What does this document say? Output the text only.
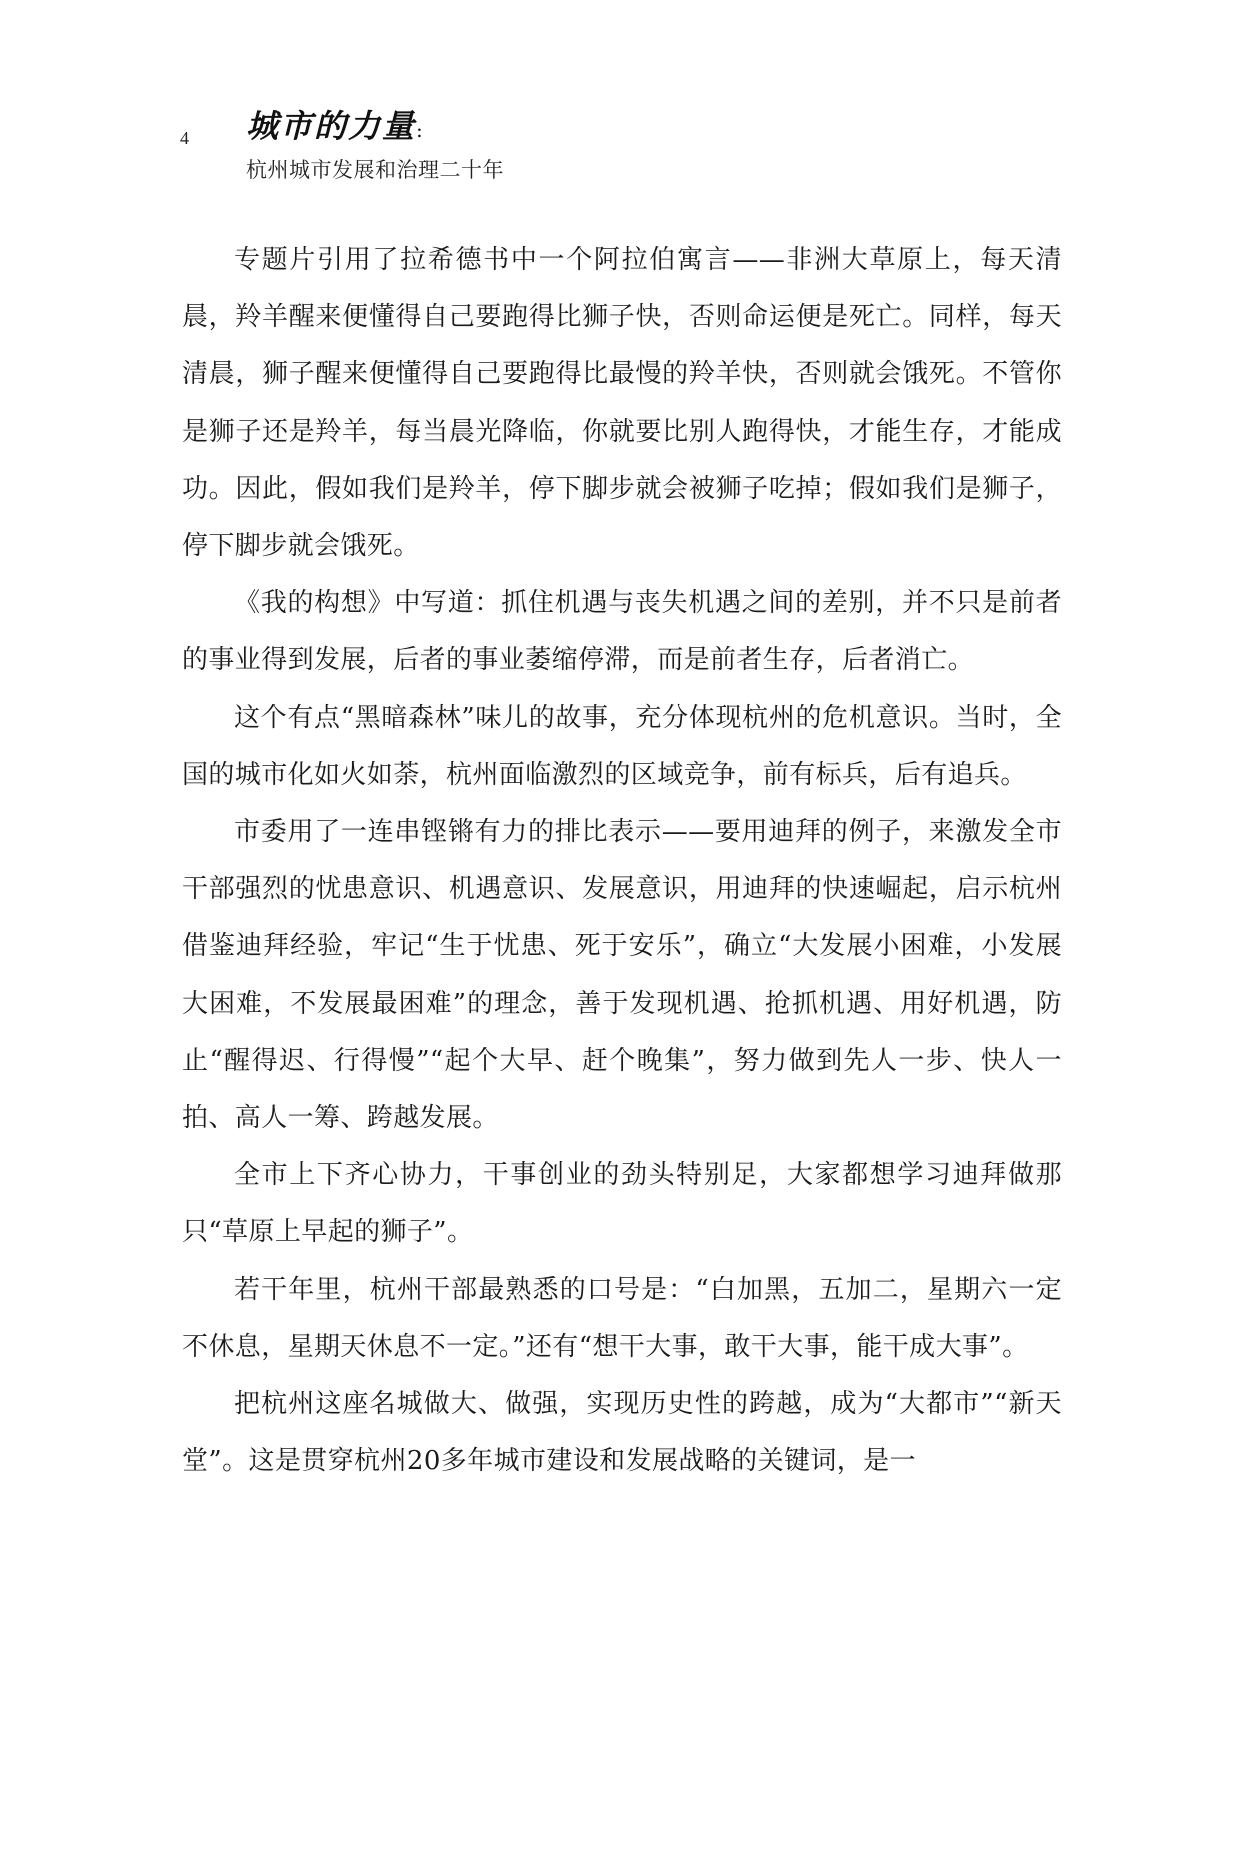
4 城市的力量:
杭州城市发展和治理二十年

专题片引用了拉希德书中一个阿拉伯寓言——非洲大草原上，每天清晨，羚羊醒来便懂得自己要跑得比狮子快，否则命运便是死亡。同样，每天清晨，狮子醒来便懂得自己要跑得比最慢的羚羊快，否则就会饿死。不管你是狮子还是羚羊，每当晨光降临，你就要比别人跑得快，才能生存，才能成功。因此，假如我们是羚羊，停下脚步就会被狮子吃掉；假如我们是狮子，停下脚步就会饿死。

《我的构想》中写道：抓住机遇与丧失机遇之间的差别，并不只是前者的事业得到发展，后者的事业萎缩停滞，而是前者生存，后者消亡。

这个有点“黑暗森林”味儿的故事，充分体现杭州的危机意识。当时，全国的城市化如火如荼，杭州面临激烈的区域竞争，前有标兵，后有追兵。

市委用了一连串铿锵有力的排比表示——要用迪拜的例子，来激发全市干部强烈的忧患意识、机遇意识、发展意识，用迪拜的快速崛起，启示杭州借鉴迪拜经验，牢记“生于忧患、死于安乐”，确立“大发展小困难，小发展大困难，不发展最困难”的理念，善于发现机遇、抢抓机遇、用好机遇，防止“醒得迟、行得慢”“起个大早、赶个晚集”，努力做到先人一步、快人一拍、高人一筹、跨越发展。

全市上下齐心协力，干事创业的劲头特别足，大家都想学习迪拜做那只“草原上早起的狮子”。

若干年里，杭州干部最熟悉的口号是：“白加黑，五加二，星期六一定不休息，星期天休息不一定。”还有“想干大事，敢干大事，能干成大事”。

把杭州这座名城做大、做强，实现历史性的跨越，成为“大都市”“新天堂”。这是贯穿杭州20多年城市建设和发展战略的关键词，是一
